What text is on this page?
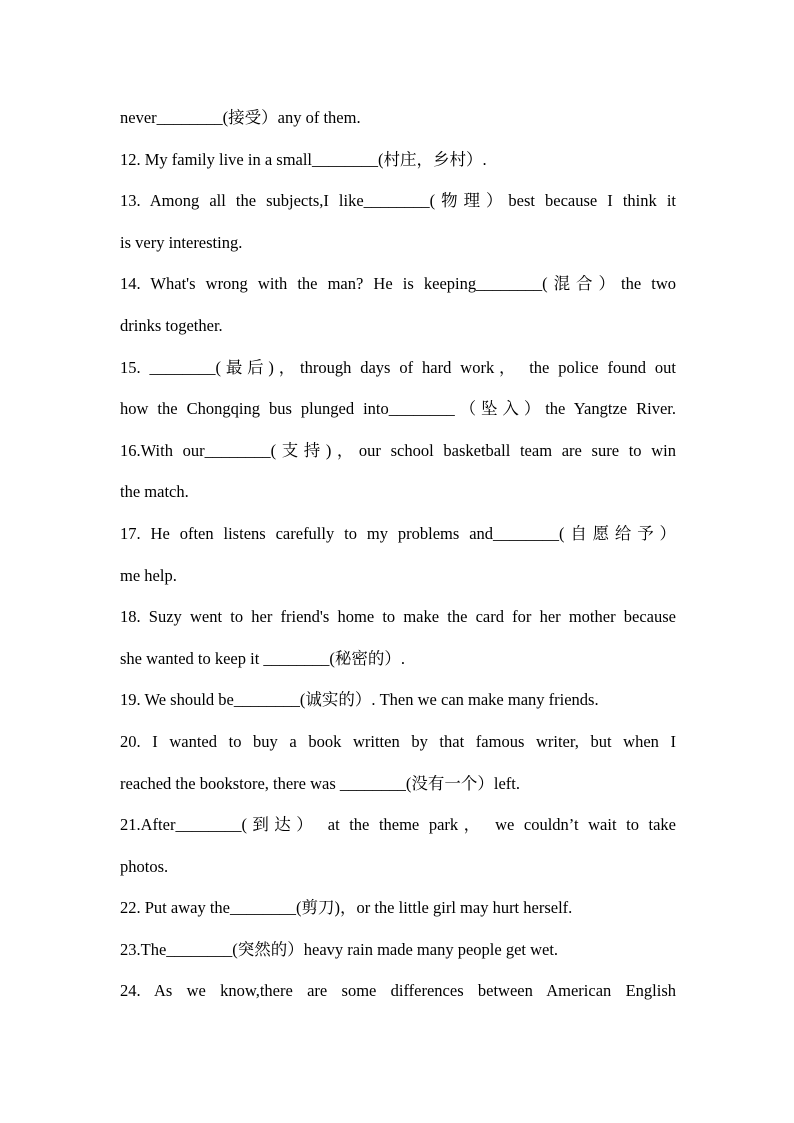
never________(接受）any of them.
12. My family live in a small________(村庄，乡村）.
13. Among all the subjects,I like________(物理）best because I think it
is very interesting.
14. What's wrong with the man? He is keeping________(混合）the two
drinks together.
15. ________(最后)，through days of hard work， the police found out
how the Chongqing bus plunged into________（坠入）the Yangtze River.
16.With our________(支持)，our school basketball team are sure to win
the match.
17. He often listens carefully to my problems and________(自愿给予）
me help.
18. Suzy went to her friend's home to make the card for her mother because
she wanted to keep it ________(秘密的）.
19. We should be________(诚实的）. Then we can make many friends.
20. I wanted to buy a book written by that famous writer, but when I
reached the bookstore, there was ________(没有一个）left.
21.After________(到达） at the theme park， we couldn’t wait to take
photos.
22. Put away the________(剪刀)，or the little girl may hurt herself.
23.The________(突然的）heavy rain made many people get wet.
24. As we know,there are some differences between American English
